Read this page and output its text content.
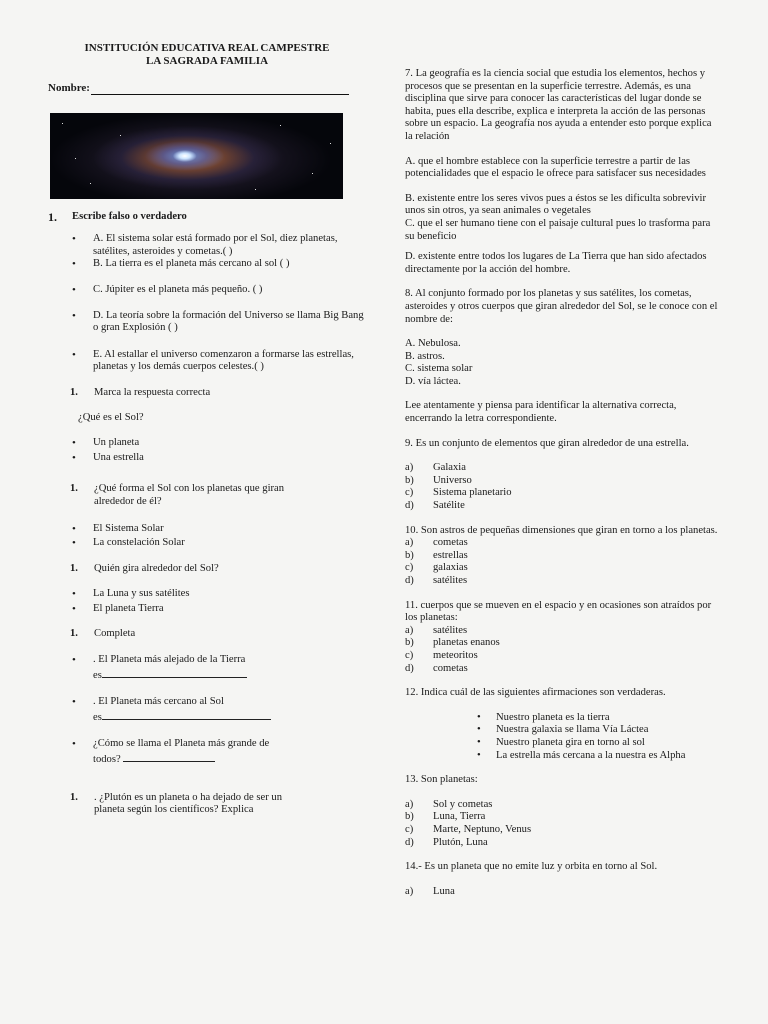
INSTITUCIÓN EDUCATIVA REAL CAMPESTRE
LA SAGRADA FAMILIA
Nombre:
1.	Escribe falso o verdadero
• A. El sistema solar está formado por el Sol, diez planetas, satélites, asteroides y cometas.( )
• B. La tierra es el planeta más cercano al sol ( )
• C. Júpiter es el planeta más pequeño. ( )
• D. La teoría sobre la formación del Universo se llama Big Bang o gran Explosión ( )
• E. Al estallar el universo comenzaron a formarse las estrellas, planetas y los demás cuerpos celestes.( )
1.	Marca la respuesta correcta
¿Qué es el Sol?
• Un planeta
• Una estrella
1.	¿Qué forma el Sol con los planetas que giran alrededor de él?
• El Sistema Solar
• La constelación Solar
1.	Quién gira alrededor del Sol?
• La Luna y sus satélites
• El planeta Tierra
1.	Completa
• . El Planeta más alejado de la Tierra
es
• . El Planeta más cercano al Sol
es
• ¿Cómo se llama el Planeta más grande de
todos?
1.	. ¿Plutón es un planeta o ha dejado de ser un planeta según los científicos? Explica

7. La geografía es la ciencia social que estudia los elementos, hechos y procesos que se presentan en la superficie terrestre. Además, es una disciplina que sirve para conocer las características del lugar donde se habita, pues ella describe, explica e interpreta la acción de las personas sobre un espacio. La geografía nos ayuda a entender esto porque explica la relación

A. que el hombre establece con la superficie terrestre a partir de las potencialidades que el espacio le ofrece para satisfacer sus necesidades

B. existente entre los seres vivos pues a éstos se les dificulta sobrevivir unos sin otros, ya sean animales o vegetales

C. que el ser humano tiene con el paisaje cultural pues lo trasforma para su beneficio

D. existente entre todos los lugares de La Tierra que han sido afectados directamente por la acción del hombre.

8. Al conjunto formado por los planetas y sus satélites, los cometas, asteroides y otros cuerpos que giran alrededor del Sol, se le conoce con el nombre de:

A. Nebulosa.
B. astros.
C. sistema solar
D. vía láctea.

Lee atentamente y piensa para identificar la alternativa correcta, encerrando la letra correspondiente.

9. Es un conjunto de elementos que giran alrededor de una estrella.

a)	Galaxia
b)	Universo
c)	Sistema planetario
d)	Satélite

10. Son astros de pequeñas dimensiones que giran en torno a los planetas.

a)	cometas
b)	estrellas
c)	galaxias
d)	satélites

11. cuerpos que se mueven en el espacio y en ocasiones son atraídos por los planetas:

a)	satélites
b)	planetas enanos
c)	meteoritos
d)	cometas

12. Indica cuál de las siguientes afirmaciones son verdaderas.

• Nuestro planeta es la tierra
• Nuestra galaxia se llama Vía Láctea
• Nuestro planeta gira en torno al sol
• La estrella más cercana a la nuestra es Alpha

13. Son planetas:

a)	Sol y cometas
b)	Luna, Tierra
c)	Marte, Neptuno, Venus
d)	Plutón, Luna

14.- Es un planeta que no emite luz y orbita en torno al Sol.

a)	Luna
